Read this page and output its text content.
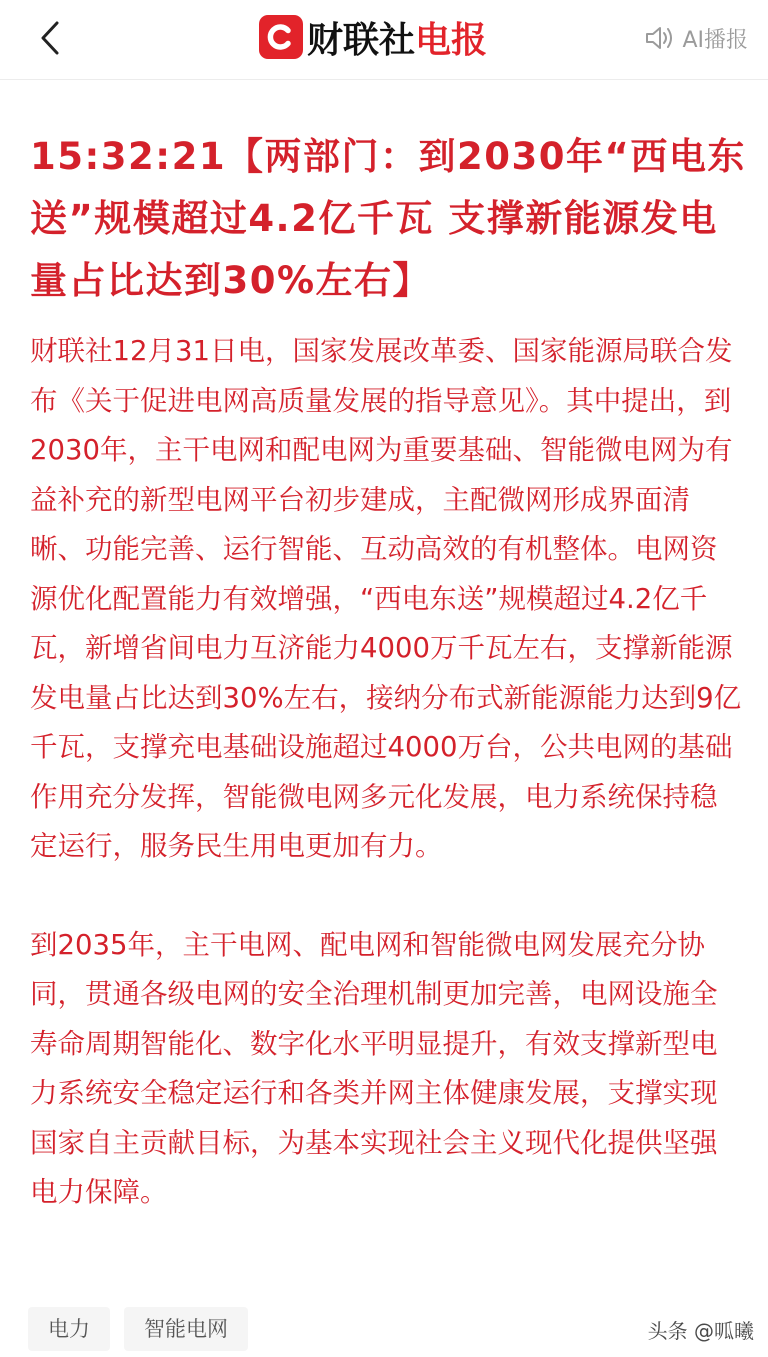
财联社电报	AI播报
15:32:21【两部门：到2030年“西电东送”规模超过4.2亿千瓦 支撑新能源发电量占比达到30%左右】

财联社12月31日电，国家发展改革委、国家能源局联合发布《关于促进电网高质量发展的指导意见》。其中提出，到2030年，主干电网和配电网为重要基础、智能微电网为有益补充的新型电网平台初步建成，主配微网形成界面清晰、功能完善、运行智能、互动高效的有机整体。电网资源优化配置能力有效增强，“西电东送”规模超过4.2亿千瓦，新增省间电力互济能力4000万千瓦左右，支撑新能源发电量占比达到30%左右，接纳分布式新能源能力达到9亿千瓦，支撑充电基础设施超过4000万台，公共电网的基础作用充分发挥，智能微电网多元化发展，电力系统保持稳定运行，服务民生用电更加有力。

到2035年，主干电网、配电网和智能微电网发展充分协同，贯通各级电网的安全治理机制更加完善，电网设施全寿命周期智能化、数字化水平明显提升，有效支撑新型电力系统安全稳定运行和各类并网主体健康发展，支撑实现国家自主贡献目标，为基本实现社会主义现代化提供坚强电力保障。

电力	智能电网	头条 @呱曦
